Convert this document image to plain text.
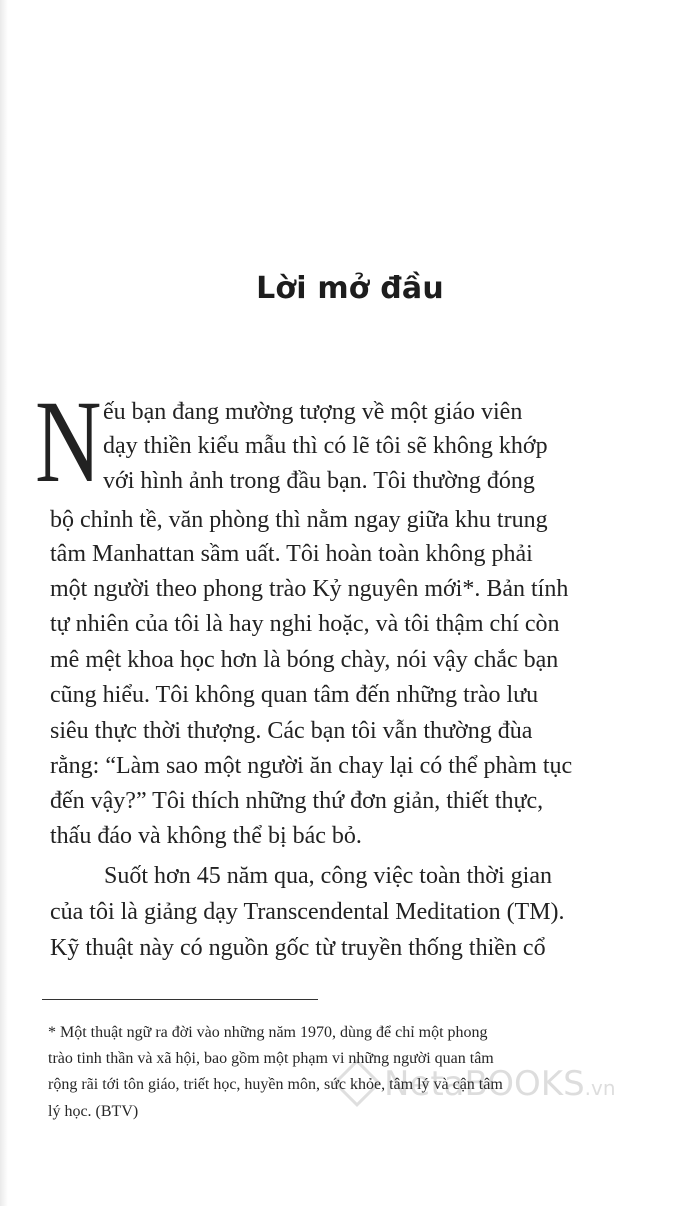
Lời mở đầu
N ếu bạn đang mường tượng về một giáo viên
dạy thiền kiểu mẫu thì có lẽ tôi sẽ không khớp
với hình ảnh trong đầu bạn. Tôi thường đóng
bộ chỉnh tề, văn phòng thì nằm ngay giữa khu trung
tâm Manhattan sầm uất. Tôi hoàn toàn không phải
một người theo phong trào Kỷ nguyên mới*. Bản tính
tự nhiên của tôi là hay nghi hoặc, và tôi thậm chí còn
mê mệt khoa học hơn là bóng chày, nói vậy chắc bạn
cũng hiểu. Tôi không quan tâm đến những trào lưu
siêu thực thời thượng. Các bạn tôi vẫn thường đùa
rằng: “Làm sao một người ăn chay lại có thể phàm tục
đến vậy?” Tôi thích những thứ đơn giản, thiết thực,
thấu đáo và không thể bị bác bỏ.
Suốt hơn 45 năm qua, công việc toàn thời gian
của tôi là giảng dạy Transcendental Meditation (TM).
Kỹ thuật này có nguồn gốc từ truyền thống thiền cổ
* Một thuật ngữ ra đời vào những năm 1970, dùng để chỉ một phong
trào tinh thần và xã hội, bao gồm một phạm vi những người quan tâm
rộng rãi tới tôn giáo, triết học, huyền môn, sức khỏe, tâm lý và cận tâm
lý học. (BTV)
NetaBOOKS.vn
